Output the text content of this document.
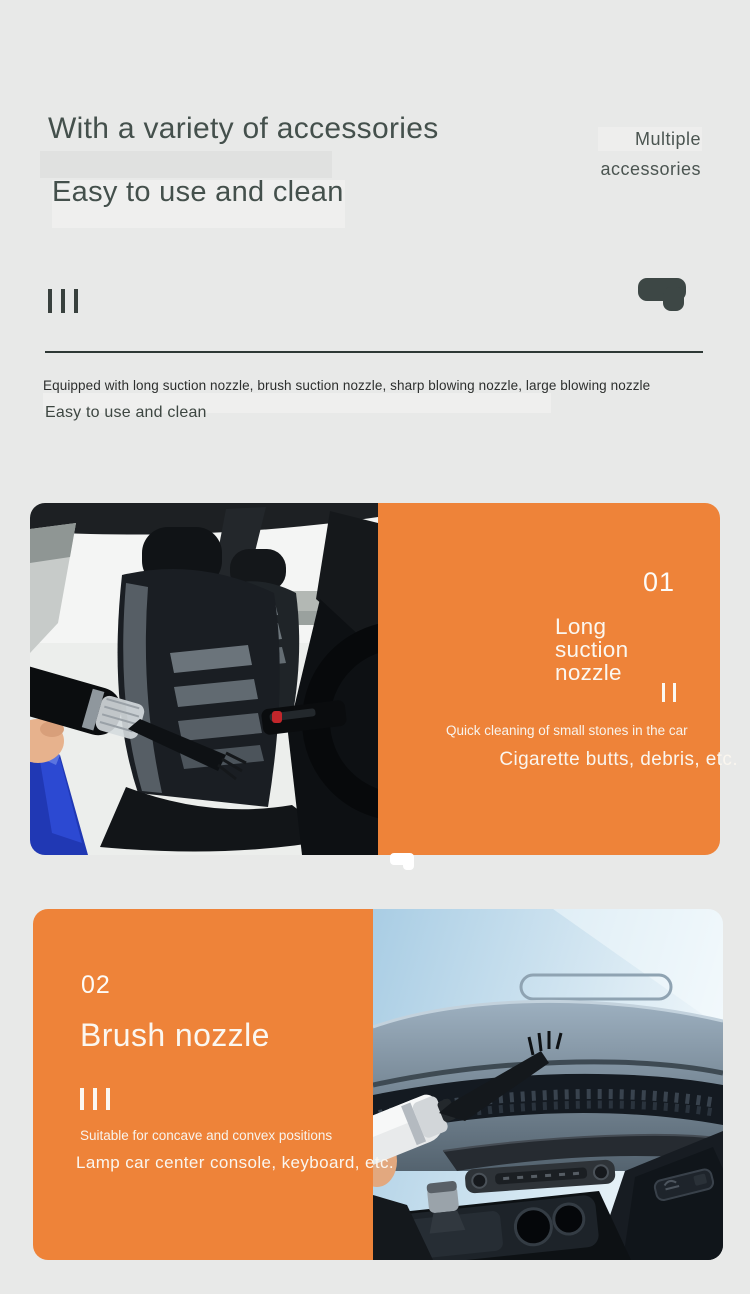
With a variety of accessories
Easy to use and clean
Multiple
accessories
Equipped with long suction nozzle, brush suction nozzle, sharp blowing nozzle, large blowing nozzle
Easy to use and clean
01
Long suction nozzle
Quick cleaning of small stones in the car
Cigarette butts, debris, etc.
02
Brush nozzle
Suitable for concave and convex positions
Lamp car center console, keyboard, etc.
